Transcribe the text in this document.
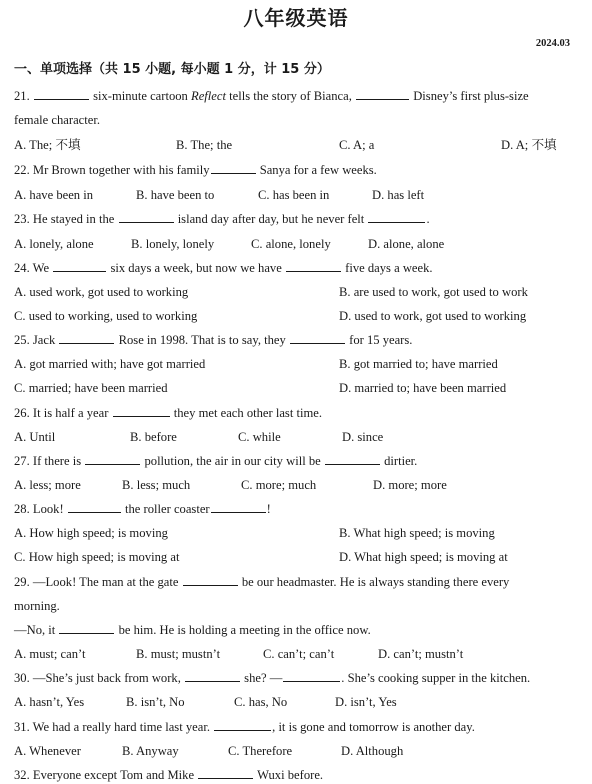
八年级英语
2024.03
一、单项选择（共 15 小题, 每小题 1 分，计 15 分）
21.	six-minute cartoon Reflect tells the story of Bianca,	Disney’s first plus-size
female character.
A. The; 不填	B. The; the	C. A; a	D. A; 不填
22. Mr Brown together with his family	Sanya for a few weeks.
A. have been in	B. have been to	C. has been in	D. has left
23. He stayed in the	island day after day, but he never felt	.
A. lonely, alone	B. lonely, lonely	C. alone, lonely	D. alone, alone
24. We	six days a week, but now we have	five days a week.
A. used work, got used to working	B. are used to work, got used to work
C. used to working, used to working	D. used to work, got used to working
25. Jack	Rose in 1998. That is to say, they	for 15 years.
A. got married with; have got married	B. got married to; have married
C. married; have been married	D. married to; have been married
26. It is half a year	they met each other last time.
A. Until	B. before	C. while	D. since
27. If there is	pollution, the air in our city will be	dirtier.
A. less; more	B. less; much	C. more; much	D. more; more
28. Look!	the roller coaster	!
A. How high speed; is moving	B. What high speed; is moving
C. How high speed; is moving at	D. What high speed; is moving at
29. —Look! The man at the gate	be our headmaster. He is always standing there every
morning.
—No, it	be him. He is holding a meeting in the office now.
A. must; can’t	B. must; mustn’t	C. can’t; can’t	D. can’t; mustn’t
30. —She’s just back from work,	she? —	. She’s cooking supper in the kitchen.
A. hasn’t, Yes	B. isn’t, No	C. has, No	D. isn’t, Yes
31. We had a really hard time last year.	, it is gone and tomorrow is another day.
A. Whenever	B. Anyway	C. Therefore	D. Although
32. Everyone except Tom and Mike	Wuxi before.
